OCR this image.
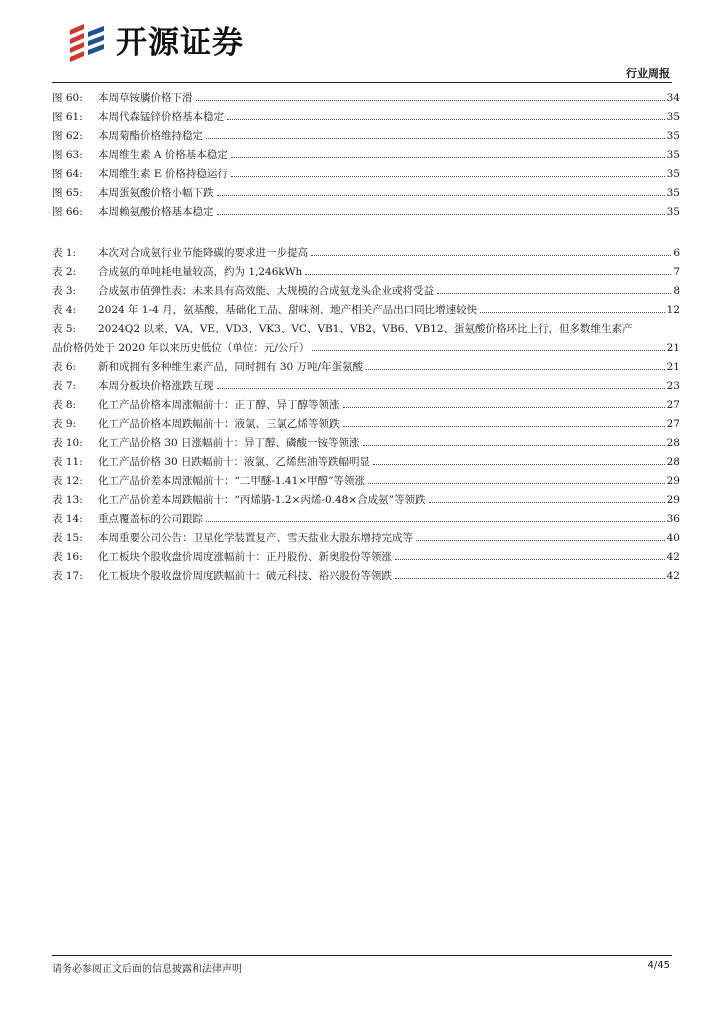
开源证券
行业周报
图 60:	本周草铵膦价格下滑	34
图 61:	本周代森锰锌价格基本稳定	35
图 62:	本周菊酯价格维持稳定	35
图 63:	本周维生素 A 价格基本稳定	35
图 64:	本周维生素 E 价格持稳运行	35
图 65:	本周蛋氨酸价格小幅下跌	35
图 66:	本周赖氨酸价格基本稳定	35
表 1:	本次对合成氨行业节能降碳的要求进一步提高	6
表 2:	合成氨的单吨耗电量较高，约为 1,246kWh	7
表 3:	合成氨市值弹性表：未来具有高效能、大规模的合成氨龙头企业或将受益	8
表 4:	2024 年 1-4 月，氨基酸、基础化工品、甜味剂、地产相关产品出口同比增速较快	12
表 5:	2024Q2 以来，VA、VE、VD3、VK3、VC、VB1、VB2、VB6、VB12、蛋氨酸价格环比上行，但多数维生素产
品价格仍处于 2020 年以来历史低位（单位：元/公斤）	21
表 6:	新和成拥有多种维生素产品，同时拥有 30 万吨/年蛋氨酸	21
表 7:	本周分板块价格涨跌互现	23
表 8:	化工产品价格本周涨幅前十：正丁醇、异丁醇等领涨	27
表 9:	化工产品价格本周跌幅前十：液氯、三氯乙烯等领跌	27
表 10:	化工产品价格 30 日涨幅前十：异丁醇、磷酸一铵等领涨	28
表 11:	化工产品价格 30 日跌幅前十：液氯、乙烯焦油等跌幅明显	28
表 12:	化工产品价差本周涨幅前十：“二甲醚-1.41×甲醇”等领涨	29
表 13:	化工产品价差本周跌幅前十：“丙烯腈-1.2×丙烯-0.48×合成氨”等领跌	29
表 14:	重点覆盖标的公司跟踪	36
表 15:	本周重要公司公告：卫星化学装置复产、雪天盐业大股东增持完成等	40
表 16:	化工板块个股收盘价周度涨幅前十：正丹股份、新奥股份等领涨	42
表 17:	化工板块个股收盘价周度跌幅前十：破元科技、裕兴股份等领跌	42
请务必参阅正文后面的信息披露和法律声明	4/45
